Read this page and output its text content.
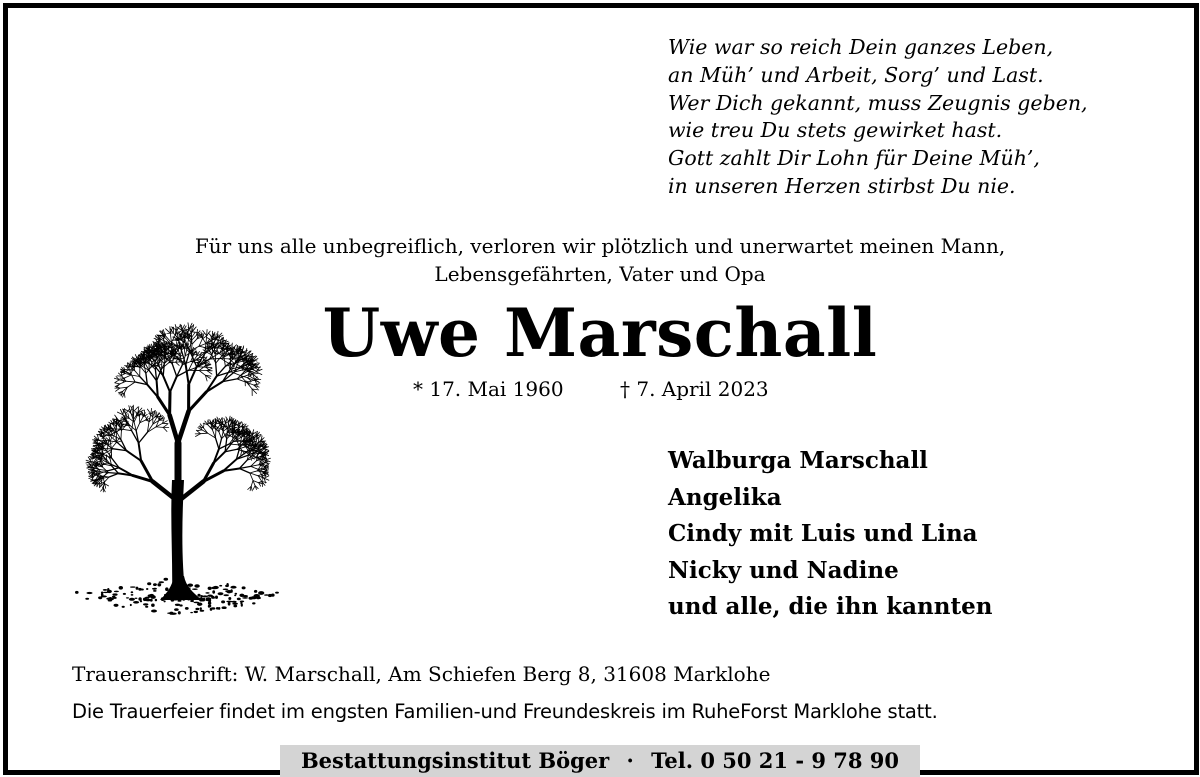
Wie war so reich Dein ganzes Leben,
an Müh’ und Arbeit, Sorg’ und Last.
Wer Dich gekannt, muss Zeugnis geben,
wie treu Du stets gewirket hast.
Gott zahlt Dir Lohn für Deine Müh’,
in unseren Herzen stirbst Du nie.
Für uns alle unbegreiflich, verloren wir plötzlich und unerwartet meinen Mann,
Lebensgefährten, Vater und Opa
Uwe Marschall
* 17. Mai 1960	† 7. April 2023
Walburga Marschall
Angelika
Cindy mit Luis und Lina
Nicky und Nadine
und alle, die ihn kannten
Traueranschrift: W. Marschall, Am Schiefen Berg 8, 31608 Marklohe
Die Trauerfeier findet im engsten Familien-und Freundeskreis im RuheForst Marklohe statt.
Bestattungsinstitut Böger · Tel. 0 50 21 - 9 78 90
